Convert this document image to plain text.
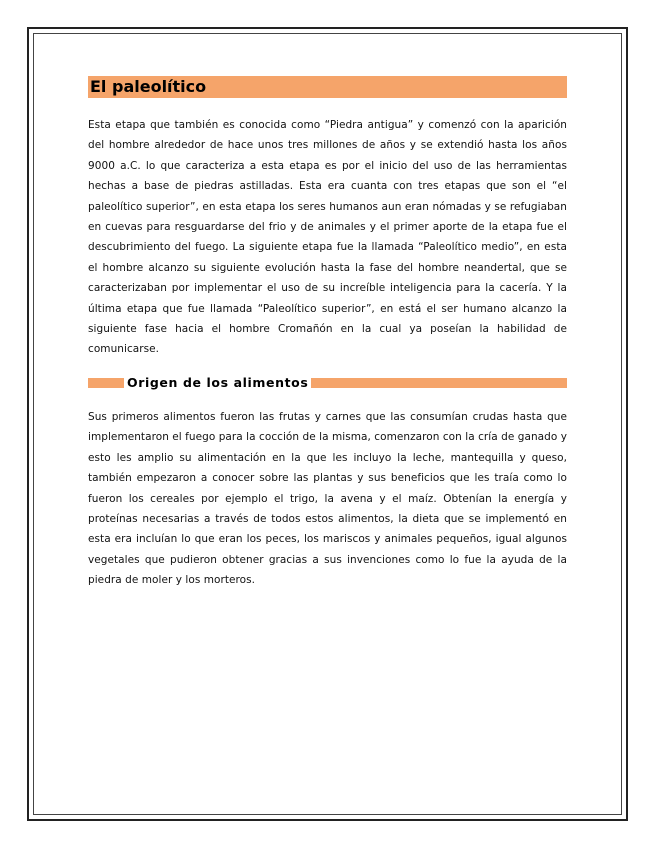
El paleolítico

Esta etapa que también es conocida como “Piedra antigua” y comenzó con la aparición del hombre alrededor de hace unos tres millones de años y se extendió hasta los años 9000 a.C. lo que caracteriza a esta etapa es por el inicio del uso de las herramientas hechas a base de piedras astilladas. Esta era cuanta con tres etapas que son el “el paleolítico superior”, en esta etapa los seres humanos aun eran nómadas y se refugiaban en cuevas para resguardarse del frio y de animales y el primer aporte de la etapa fue el descubrimiento del fuego. La siguiente etapa fue la llamada “Paleolítico medio”, en esta el hombre alcanzo su siguiente evolución hasta la fase del hombre neandertal, que se caracterizaban por implementar el uso de su increíble inteligencia para la cacería. Y la última etapa que fue llamada “Paleolítico superior”, en está el ser humano alcanzo la siguiente fase hacia el hombre Cromañón en la cual ya poseían la habilidad de comunicarse.

Origen de los alimentos

Sus primeros alimentos fueron las frutas y carnes que las consumían crudas hasta que implementaron el fuego para la cocción de la misma, comenzaron con la cría de ganado y esto les amplio su alimentación en la que les incluyo la leche, mantequilla y queso, también empezaron a conocer sobre las plantas y sus beneficios que les traía como lo fueron los cereales por ejemplo el trigo, la avena y el maíz. Obtenían la energía y proteínas necesarias a través de todos estos alimentos, la dieta que se implementó en esta era incluían lo que eran los peces, los mariscos y animales pequeños, igual algunos vegetales que pudieron obtener gracias a sus invenciones como lo fue la ayuda de la piedra de moler y los morteros.
